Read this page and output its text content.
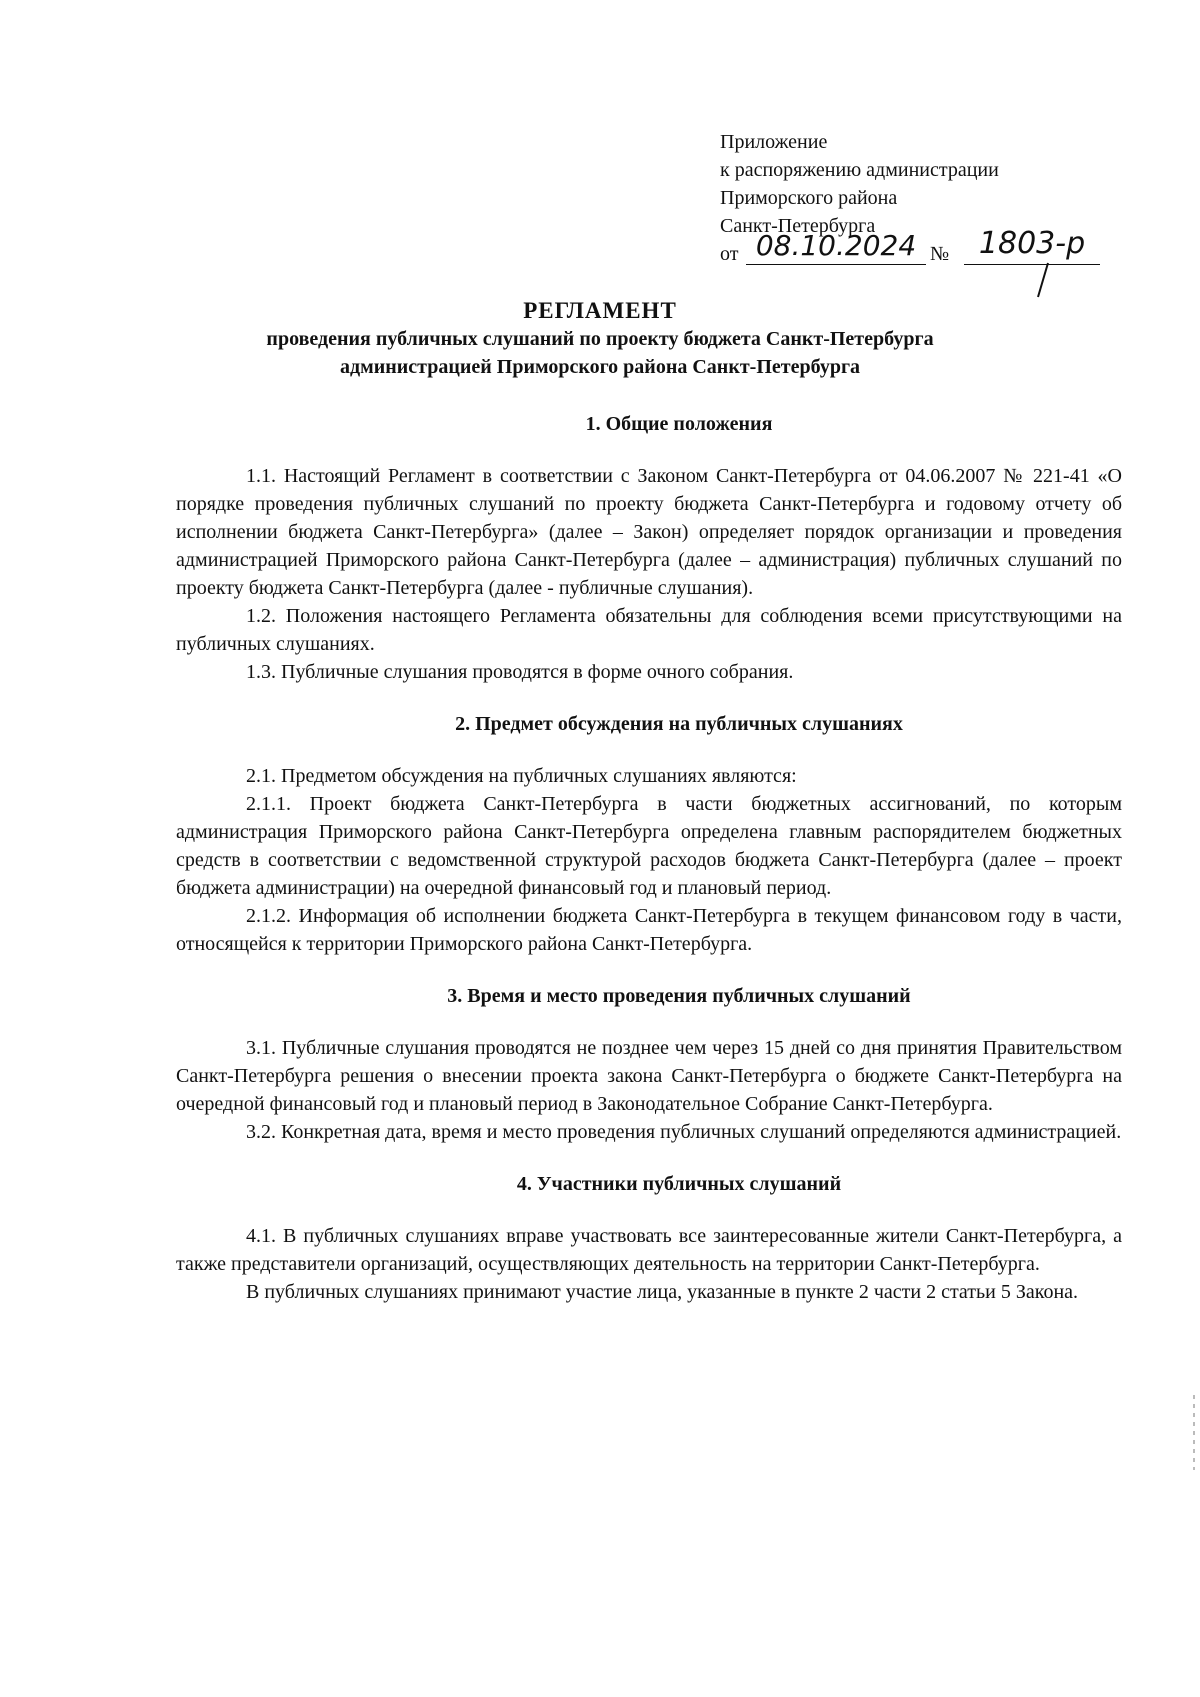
Приложение
к распоряжению администрации
Приморского района
Санкт-Петербурга
от 08.10.2024 № 1803-р
РЕГЛАМЕНТ
проведения публичных слушаний по проекту бюджета Санкт-Петербурга
администрацией Приморского района Санкт-Петербурга

1. Общие положения

1.1. Настоящий Регламент в соответствии с Законом Санкт-Петербурга от 04.06.2007 № 221-41 «О порядке проведения публичных слушаний по проекту бюджета Санкт-Петербурга и годовому отчету об исполнении бюджета Санкт-Петербурга» (далее – Закон) определяет порядок организации и проведения администрацией Приморского района Санкт-Петербурга (далее – администрация) публичных слушаний по проекту бюджета Санкт-Петербурга (далее - публичные слушания).

1.2. Положения настоящего Регламента обязательны для соблюдения всеми присутствующими на публичных слушаниях.

1.3. Публичные слушания проводятся в форме очного собрания.

2. Предмет обсуждения на публичных слушаниях

2.1. Предметом обсуждения на публичных слушаниях являются:

2.1.1. Проект бюджета Санкт-Петербурга в части бюджетных ассигнований, по которым администрация Приморского района Санкт-Петербурга определена главным распорядителем бюджетных средств в соответствии с ведомственной структурой расходов бюджета Санкт-Петербурга (далее – проект бюджета администрации) на очередной финансовый год и плановый период.

2.1.2. Информация об исполнении бюджета Санкт-Петербурга в текущем финансовом году в части, относящейся к территории Приморского района Санкт-Петербурга.

3. Время и место проведения публичных слушаний

3.1. Публичные слушания проводятся не позднее чем через 15 дней со дня принятия Правительством Санкт-Петербурга решения о внесении проекта закона Санкт-Петербурга о бюджете Санкт-Петербурга на очередной финансовый год и плановый период в Законодательное Собрание Санкт-Петербурга.

3.2. Конкретная дата, время и место проведения публичных слушаний определяются администрацией.

4. Участники публичных слушаний

4.1. В публичных слушаниях вправе участвовать все заинтересованные жители Санкт-Петербурга, а также представители организаций, осуществляющих деятельность на территории Санкт-Петербурга.

В публичных слушаниях принимают участие лица, указанные в пункте 2 части 2 статьи 5 Закона.
